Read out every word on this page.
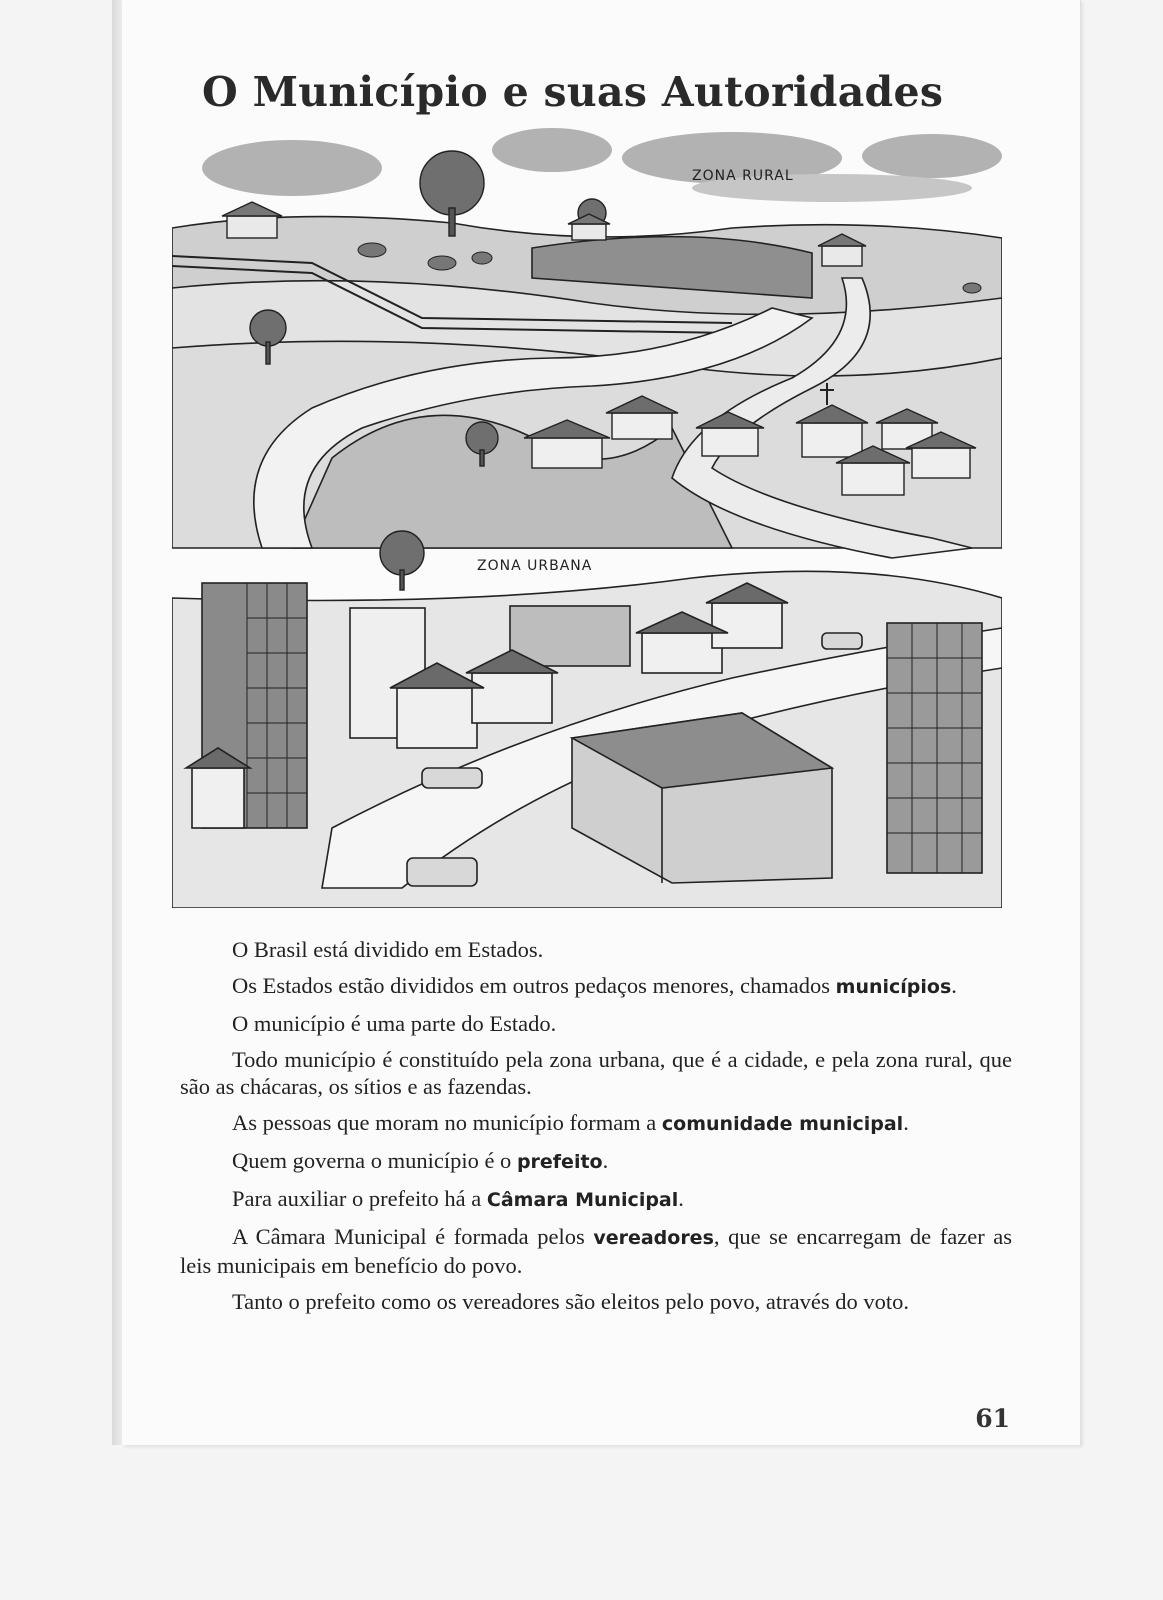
O Município e suas Autoridades
ZONA RURAL
ZONA URBANA

O Brasil está dividido em Estados.

Os Estados estão divididos em outros pedaços menores, chamados municípios.

O município é uma parte do Estado.

Todo município é constituído pela zona urbana, que é a cidade, e pela zona rural, que são as chácaras, os sítios e as fazendas.

As pessoas que moram no município formam a comunidade municipal.

Quem governa o município é o prefeito.

Para auxiliar o prefeito há a Câmara Municipal.

A Câmara Municipal é formada pelos vereadores, que se encarregam de fazer as leis municipais em benefício do povo.

Tanto o prefeito como os vereadores são eleitos pelo povo, através do voto.

61
